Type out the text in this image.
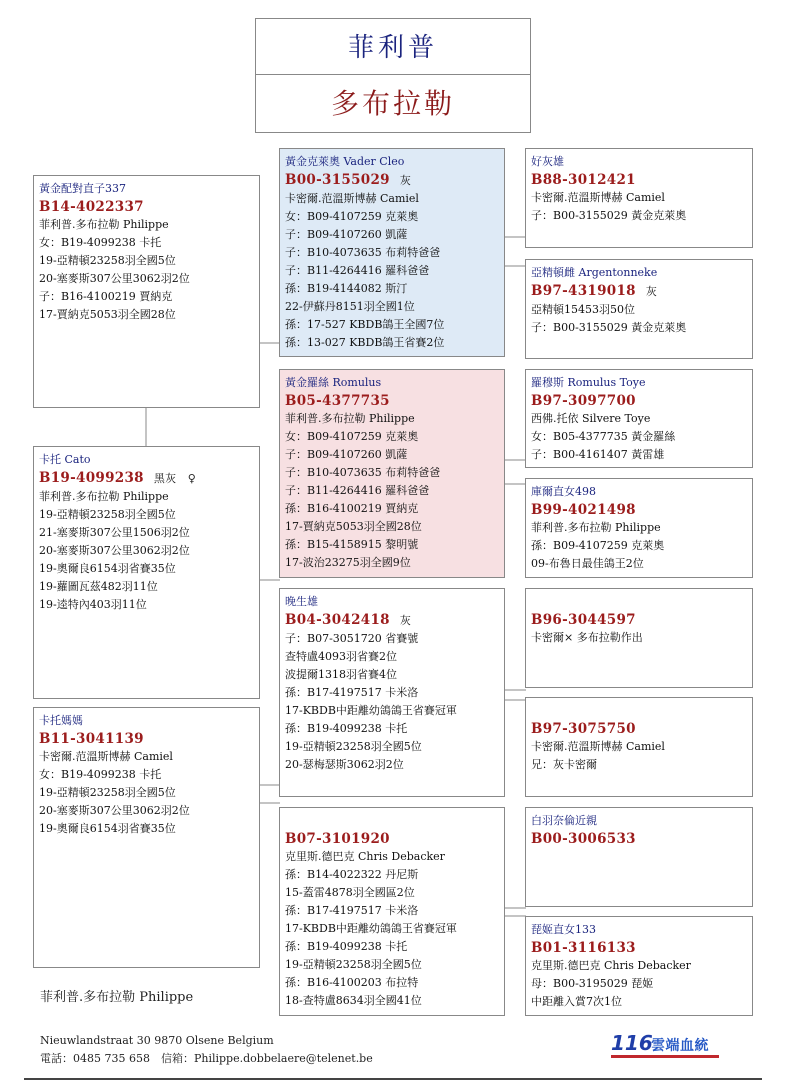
菲利普
多布拉勒
黃金配對直子337
B14-4022337
菲利普.多布拉勒 Philippe
女：B19-4099238 卡托
19-亞精頓23258羽全國5位
20-塞麥斯307公里3062羽2位
子：B16-4100219 賈納克
17-賈納克5053羽全國28位
黃金克萊奧 Vader Cleo
B00-3155029 灰
卡密爾.范溫斯博赫 Camiel
女：B09-4107259 克萊奧
子：B09-4107260 凱薩
子：B10-4073635 布莉特爸爸
子：B11-4264416 羅科爸爸
孫：B19-4144082 斯汀
22-伊蘇丹8151羽全國1位
孫：17-527 KBDB鴿王全國7位
孫：13-027 KBDB鴿王省賽2位
好灰雄
B88-3012421
卡密爾.范溫斯博赫 Camiel
子：B00-3155029 黃金克萊奧
亞精頓雌 Argentonneke
B97-4319018 灰
亞精頓15453羽50位
子：B00-3155029 黃金克萊奧
黃金羅絲 Romulus
B05-4377735
菲利普.多布拉勒 Philippe
女：B09-4107259 克萊奧
子：B09-4107260 凱薩
子：B10-4073635 布莉特爸爸
子：B11-4264416 羅科爸爸
孫：B16-4100219 賈納克
17-賈納克5053羽全國28位
孫：B15-4158915 黎明號
17-波治23275羽全國9位
羅穆斯 Romulus Toye
B97-3097700
西佛.托依 Silvere Toye
女：B05-4377735 黃金羅絲
子：B00-4161407 黃雷雄
庫爾直女498
B99-4021498
菲利普.多布拉勒 Philippe
孫：B09-4107259 克萊奧
09-布魯日最佳鴿王2位
卡托 Cato
B19-4099238 黑灰　♀
菲利普.多布拉勒 Philippe
19-亞精頓23258羽全國5位
21-塞麥斯307公里1506羽2位
20-塞麥斯307公里3062羽2位
19-奧爾良6154羽省賽35位
19-蘿圖瓦茲482羽11位
19-逵特內403羽11位	晚生雄
B04-3042418 灰
子：B07-3051720 省賽號
查特盧4093羽省賽2位
波提爾1318羽省賽4位
孫：B17-4197517 卡米洛
17-KBDB中距離幼鴿鴿王省賽冠軍
孫：B19-4099238 卡托
19-亞精頓23258羽全國5位
20-瑟梅瑟斯3062羽2位
B96-3044597
卡密爾× 多布拉勒作出
B97-3075750
卡密爾.范溫斯博赫 Camiel
兄：灰卡密爾
卡托媽媽
B11-3041139
卡密爾.范溫斯博赫 Camiel
女：B19-4099238 卡托
19-亞精頓23258羽全國5位
20-塞麥斯307公里3062羽2位
19-奧爾良6154羽省賽35位
B07-3101920
克里斯.德巴克 Chris Debacker
孫：B14-4022322 丹尼斯
15-蓋雷4878羽全國區2位
孫：B17-4197517 卡米洛
17-KBDB中距離幼鴿鴿王省賽冠軍
孫：B19-4099238 卡托
19-亞精頓23258羽全國5位
孫：B16-4100203 布拉特
18-查特盧8634羽全國41位
白羽奈倫近親
B00-3006533
琵姬直女133
B01-3116133
克里斯.德巴克 Chris Debacker
母：B00-3195029 琵姬
中距離入賞7次1位
菲利普.多布拉勒 Philippe
Nieuwlandstraat 30 9870 Olsene Belgium
電話：0485 735 658　信箱：Philippe.dobbelaere@telenet.be
116
雲端血統
